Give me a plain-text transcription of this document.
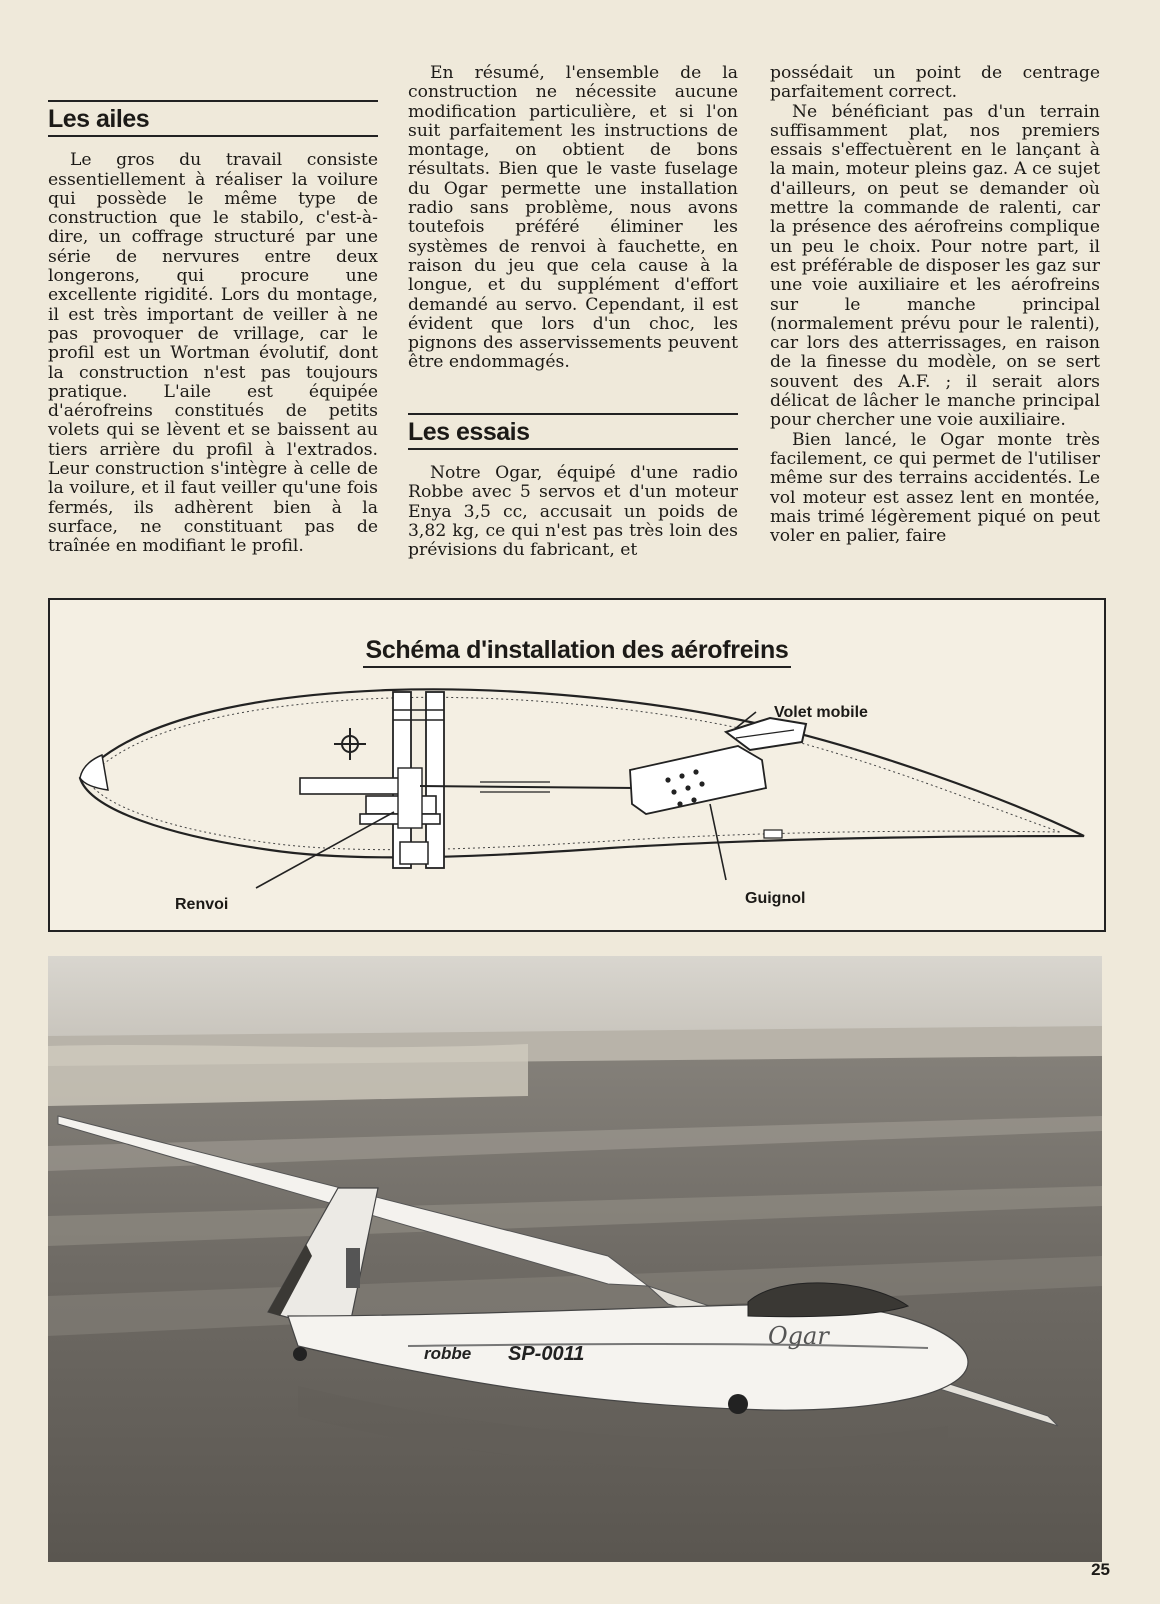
Les ailes

Le gros du travail consiste essentiellement à réaliser la voilure qui possède le même type de construction que le stabilo, c'est-à-dire, un coffrage structuré par une série de nervures entre deux longerons, qui procure une excellente rigidité. Lors du montage, il est très important de veiller à ne pas provoquer de vrillage, car le profil est un Wortman évolutif, dont la construction n'est pas toujours pratique. L'aile est équipée d'aérofreins constitués de petits volets qui se lèvent et se baissent au tiers arrière du profil à l'extrados. Leur construction s'intègre à celle de la voilure, et il faut veiller qu'une fois fermés, ils adhèrent bien à la surface, ne constituant pas de traînée en modifiant le profil.

En résumé, l'ensemble de la construction ne nécessite aucune modification particulière, et si l'on suit parfaitement les instructions de montage, on obtient de bons résultats. Bien que le vaste fuselage du Ogar permette une installation radio sans problème, nous avons toutefois préféré éliminer les systèmes de renvoi à fauchette, en raison du jeu que cela cause à la longue, et du supplément d'effort demandé au servo. Cependant, il est évident que lors d'un choc, les pignons des asservissements peuvent être endommagés.

Les essais

Notre Ogar, équipé d'une radio Robbe avec 5 servos et d'un moteur Enya 3,5 cc, accusait un poids de 3,82 kg, ce qui n'est pas très loin des prévisions du fabricant, et

possédait un point de centrage parfaitement correct.

Ne bénéficiant pas d'un terrain suffisamment plat, nos premiers essais s'effectuèrent en le lançant à la main, moteur pleins gaz. A ce sujet d'ailleurs, on peut se demander où mettre la commande de ralenti, car la présence des aérofreins complique un peu le choix. Pour notre part, il est préférable de disposer les gaz sur une voie auxiliaire et les aérofreins sur le manche principal (normalement prévu pour le ralenti), car lors des atterrissages, en raison de la finesse du modèle, on se sert souvent des A.F. ; il serait alors délicat de lâcher le manche principal pour chercher une voie auxiliaire.

Bien lancé, le Ogar monte très facilement, ce qui permet de l'utiliser même sur des terrains accidentés. Le vol moteur est assez lent en montée, mais trimé légèrement piqué on peut voler en palier, faire

Schéma d'installation des aérofreins
Volet mobile
Renvoi	Guignol
robbe SP-0011
Ogar
25
